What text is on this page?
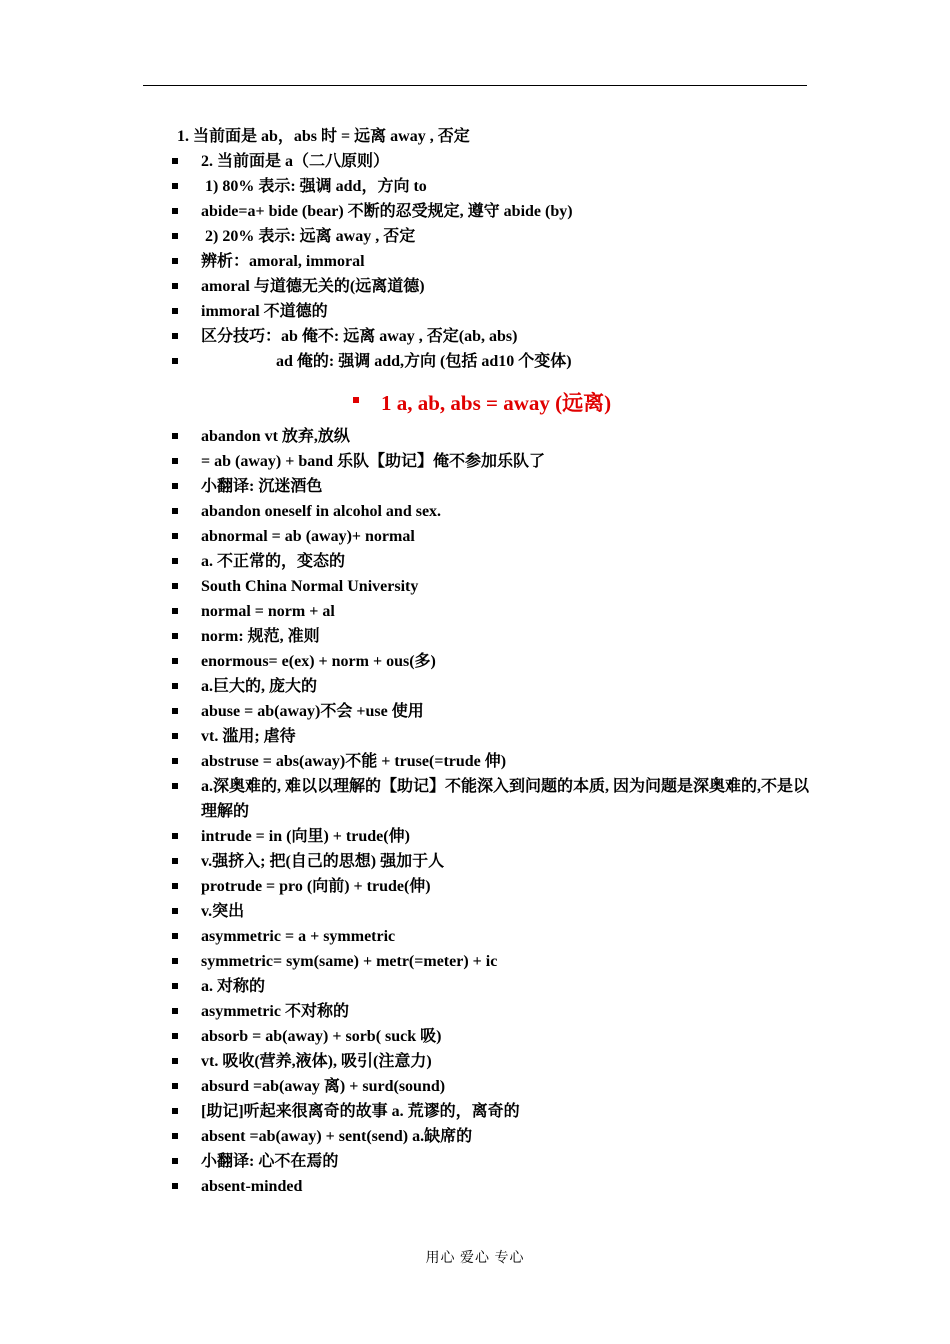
1. 当前面是 ab，abs 时 = 远离 away , 否定
2. 当前面是 a（二八原则）
1) 80% 表示: 强调 add，方向 to
abide=a+ bide (bear) 不断的忍受规定, 遵守 abide (by)
2) 20% 表示: 远离 away , 否定
辨析：amoral, immoral
amoral 与道德无关的(远离道德)
immoral 不道德的
区分技巧：ab 俺不: 远离 away , 否定(ab, abs)
ad 俺的: 强调 add,方向 (包括 ad10 个变体)
1 a, ab, abs = away (远离)
abandon vt 放弃,放纵
= ab (away) + band 乐队【助记】俺不参加乐队了
小翻译: 沉迷酒色
abandon oneself in alcohol and sex.
abnormal = ab (away)+ normal
a. 不正常的，变态的
South China Normal University
normal = norm + al
norm: 规范, 准则
enormous= e(ex) + norm + ous(多)
a.巨大的, 庞大的
abuse = ab(away)不会 +use 使用
vt. 滥用; 虐待
abstruse = abs(away)不能 + truse(=trude 伸)
a.深奥难的, 难以以理解的【助记】不能深入到问题的本质, 因为问题是深奥难的,不是以理解的
intrude = in (向里) + trude(伸)
v.强挤入; 把(自己的思想) 强加于人
protrude = pro (向前) + trude(伸)
v.突出
asymmetric = a + symmetric
symmetric= sym(same) + metr(=meter) + ic
a. 对称的
asymmetric 不对称的
absorb = ab(away) + sorb( suck 吸)
vt. 吸收(营养,液体), 吸引(注意力)
absurd =ab(away 离) + surd(sound)
[助记]听起来很离奇的故事 a. 荒谬的，离奇的
absent =ab(away) + sent(send) a.缺席的
小翻译: 心不在焉的
absent-minded
用心 爱心 专心
